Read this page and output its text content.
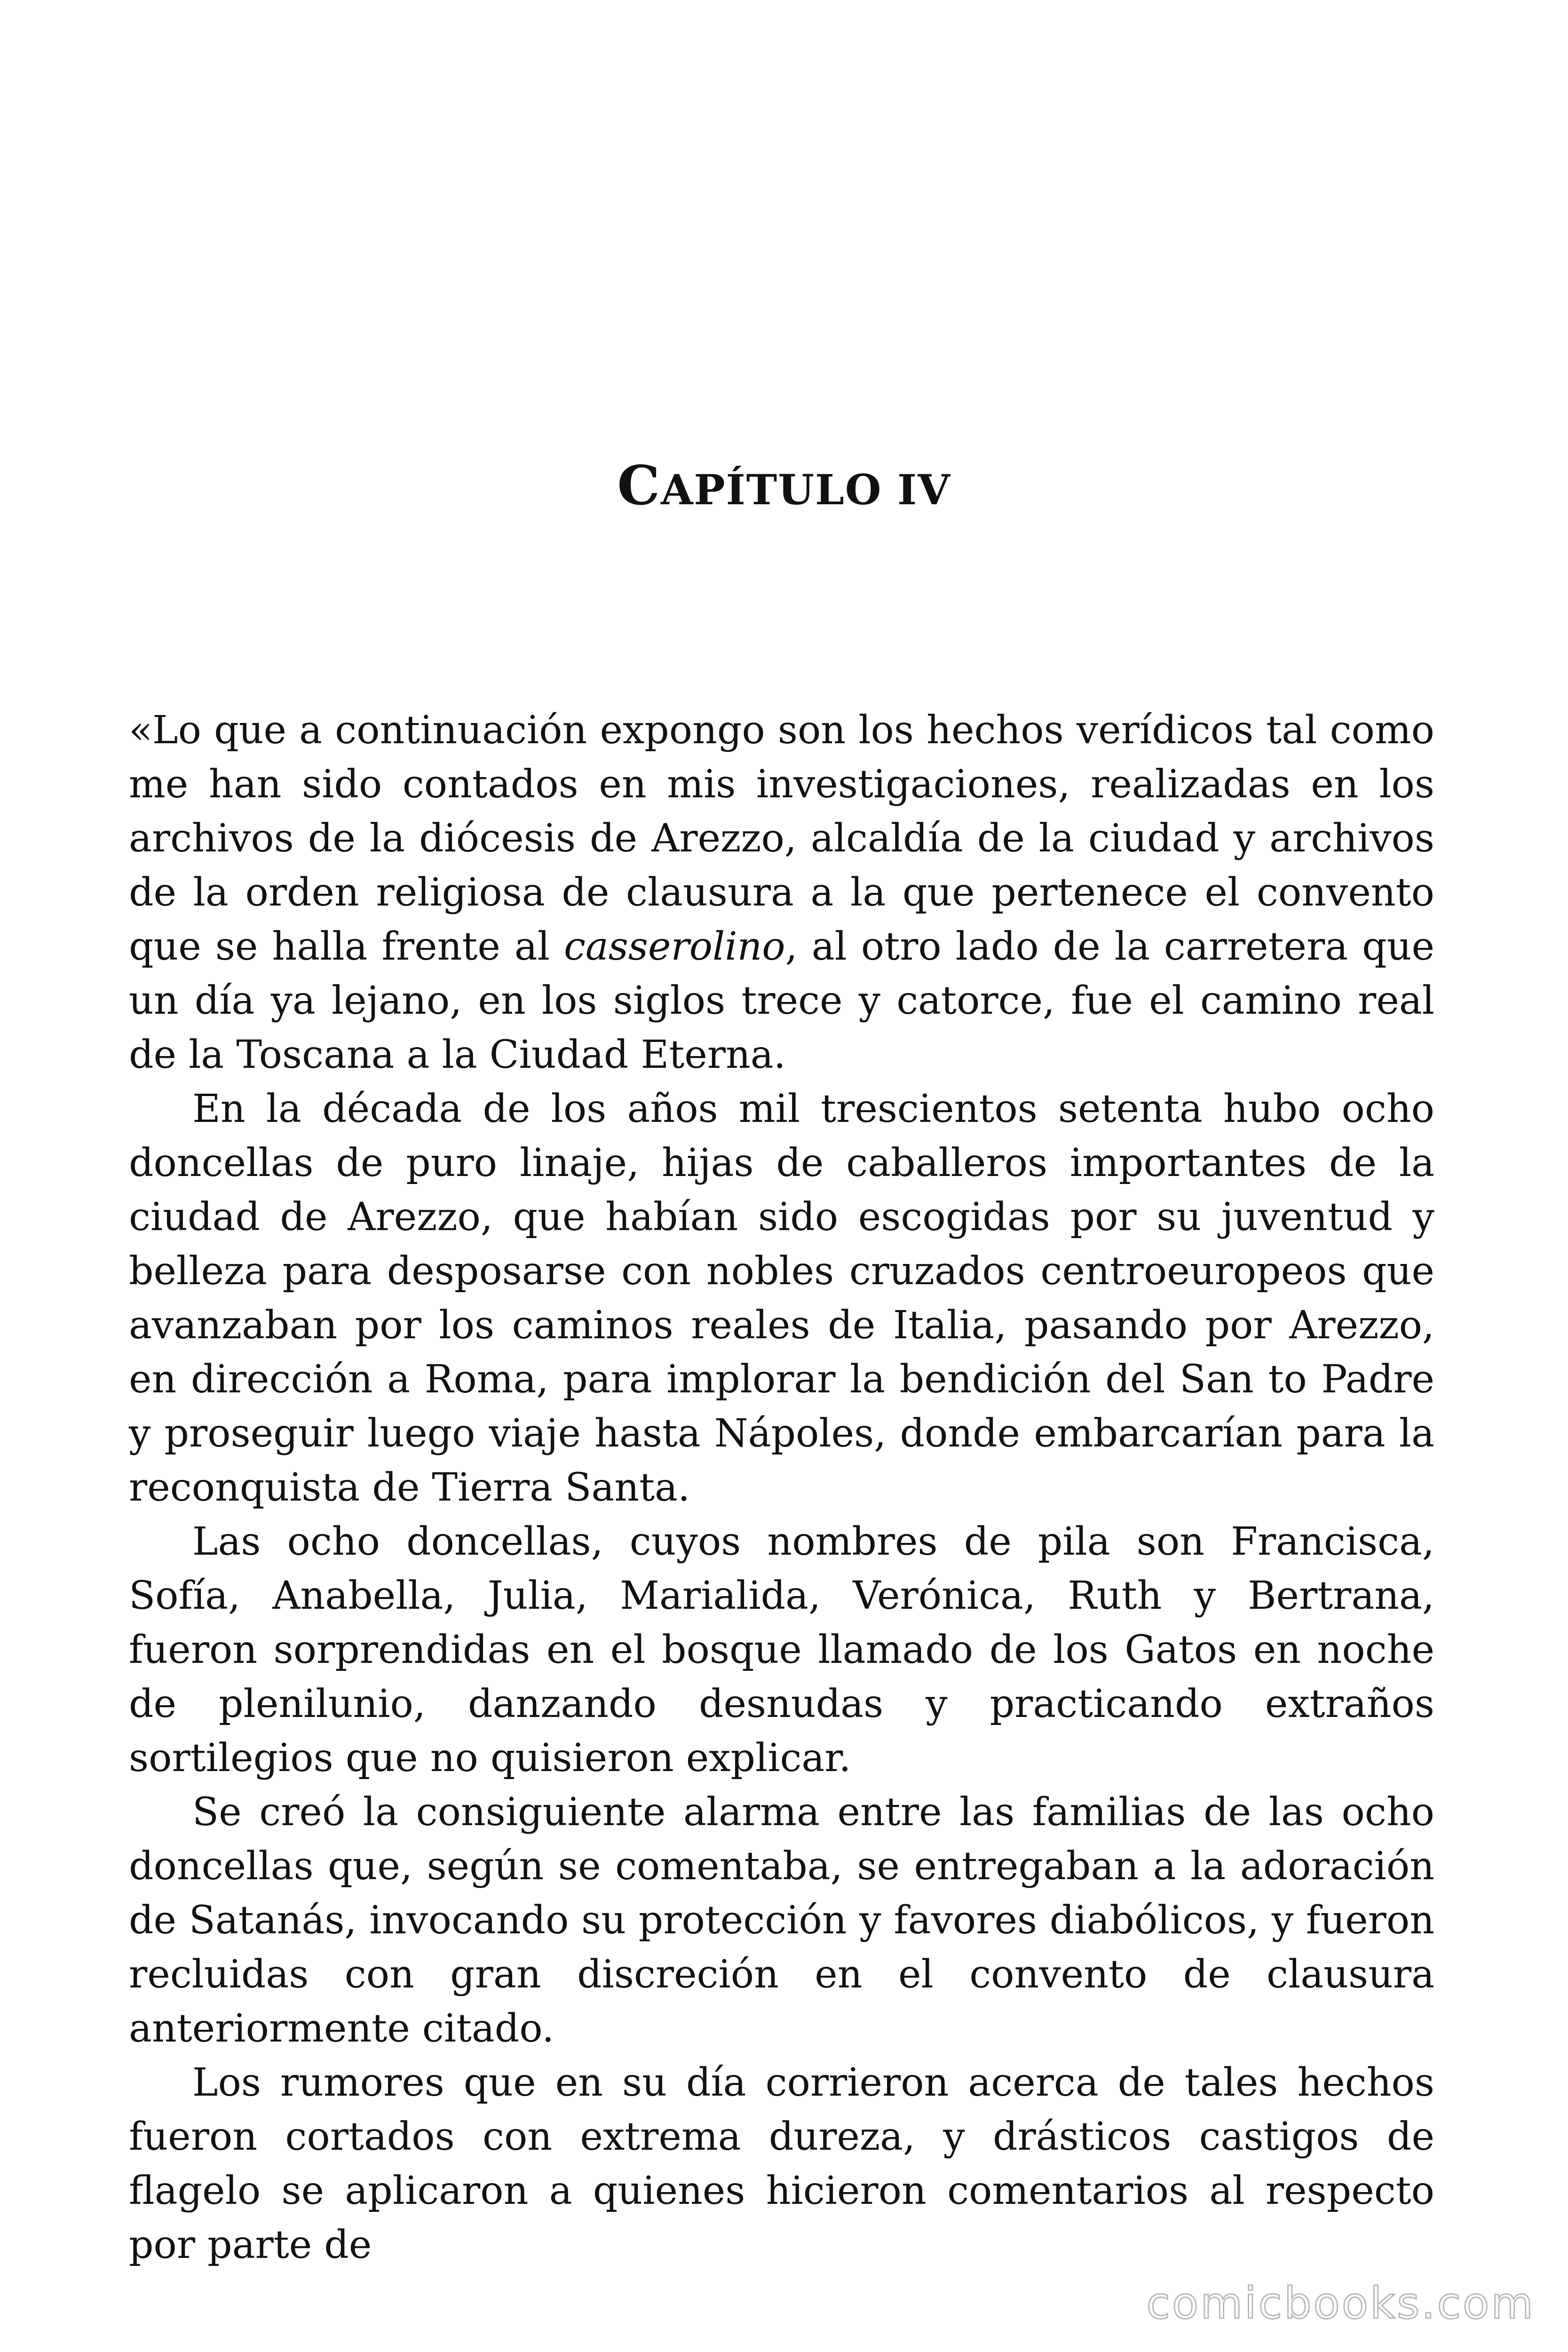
CAPÍTULO IV

«Lo que a continuación expongo son los hechos verídicos tal como me han sido contados en mis investigaciones, realizadas en los archivos de la diócesis de Arezzo, alcaldía de la ciudad y archivos de la orden religiosa de clausura a la que pertenece el convento que se halla frente al casserolino, al otro lado de la carretera que un día ya lejano, en los siglos trece y catorce, fue el camino real de la Toscana a la Ciudad Eterna.

En la década de los años mil trescientos setenta hubo ocho doncellas de puro linaje, hijas de caballeros importantes de la ciudad de Arezzo, que habían sido escogidas por su juventud y belleza para desposarse con nobles cruzados centroeuropeos que avanzaban por los caminos reales de Italia, pasando por Arezzo, en dirección a Roma, para implorar la bendición del San to Padre y proseguir luego viaje hasta Nápoles, donde embarcarían para la reconquista de Tierra Santa.

Las ocho doncellas, cuyos nombres de pila son Francisca, Sofía, Anabella, Julia, Marialida, Verónica, Ruth y Bertrana, fueron sorprendidas en el bosque llamado de los Gatos en noche de plenilunio, danzando desnudas y practicando extraños sortilegios que no quisieron explicar.

Se creó la consiguiente alarma entre las familias de las ocho doncellas que, según se comentaba, se entregaban a la adoración de Satanás, invocando su protección y favores diabólicos, y fueron recluidas con gran discreción en el convento de clausura anteriormente citado.

Los rumores que en su día corrieron acerca de tales hechos fueron cortados con extrema dureza, y drásticos castigos de flagelo se aplicaron a quienes hicieron comentarios al respecto por parte de

comicbooks.com
